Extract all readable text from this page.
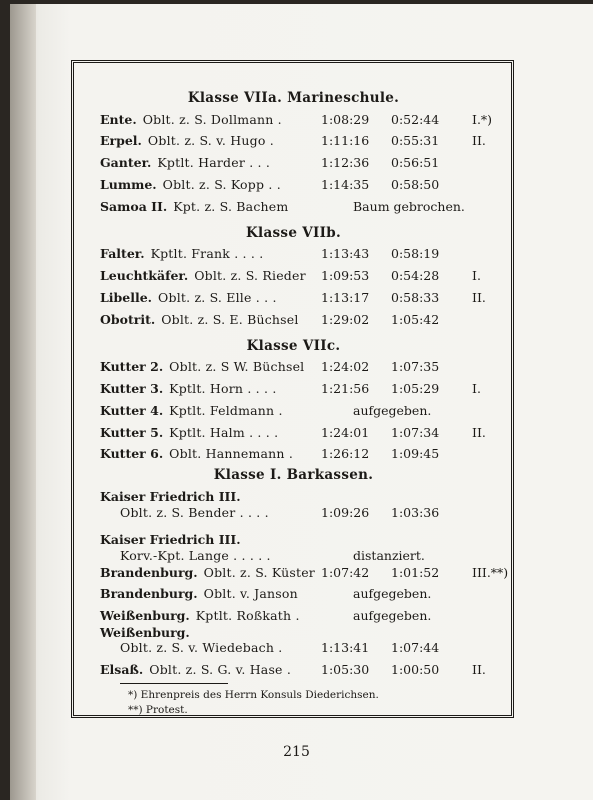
Klasse VIIa. Marineschule.
Ente. Oblt. z. S. Dollmann .	1:08:29 0:52:44	I.*)
Erpel. Oblt. z. S. v. Hugo .	1:11:16 0:55:31	II.
Ganter. Kptlt. Harder . . .	1:12:36 0:56:51
Lumme. Oblt. z. S. Kopp . .	1:14:35 0:58:50
Samoa II. Kpt. z. S. Bachem	Baum gebrochen.
Klasse VIIb.
Falter. Kptlt. Frank . . . .	1:13:43 0:58:19
Leuchtkäfer. Oblt. z. S. Rieder 1:09:53 0:54:28	I.
Libelle. Oblt. z. S. Elle . . .	1:13:17 0:58:33	II.
Obotrit. Oblt. z. S. E. Büchsel 1:29:02 1:05:42
Klasse VIIc.
Kutter 2. Oblt. z. S W. Büchsel 1:24:02 1:07:35
Kutter 3. Kptlt. Horn . . . .	1:21:56 1:05:29	I.
Kutter 4. Kptlt. Feldmann .	aufgegeben.
Kutter 5. Kptlt. Halm . . . .	1:24:01 1:07:34	II.
Kutter 6. Oblt. Hannemann . 1:26:12 1:09:45
Klasse I. Barkassen.
Kaiser Friedrich III.
Oblt. z. S. Bender . . . .	1:09:26 1:03:36
Kaiser Friedrich III.
Korv.-Kpt. Lange . . . . .	distanziert.
Brandenburg. Oblt. z. S. Küster 1:07:42 1:01:52	III.**)
Brandenburg. Oblt. v. Janson	aufgegeben.
Weißenburg. Kptlt. Roßkath .	aufgegeben.
Weißenburg.
Oblt. z. S. v. Wiedebach .	1:13:41 1:07:44
Elsaß. Oblt. z. S. G. v. Hase . 1:05:30 1:00:50	II.
*) Ehrenpreis des Herrn Konsuls Diederichsen.
**) Protest.
215
